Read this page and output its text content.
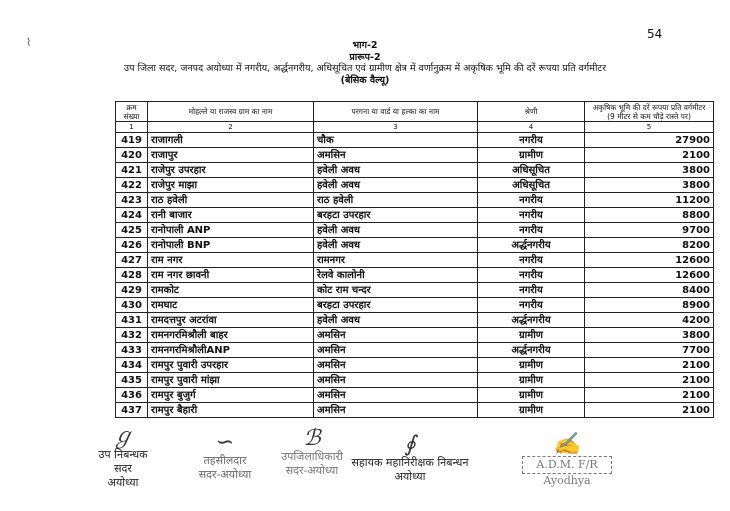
54
⌇	भाग-2
प्रारूप-2
उप जिला सदर, जनपद अयोध्या में नगरीय, अर्द्धनगरीय, अधिसूचित एवं ग्रामीण क्षेत्र में वर्णानुक्रम में अकृषिक भूमि की दरें रूपया प्रति वर्गमीटर
(बेसिक वैल्यू)
क्रम संख्या	मोहल्ले या राजस्व ग्राम का नाम	परगना या वार्ड या हल्का का नाम	श्रेणी	अकृषिक भूमि की दरें रूपया प्रति वर्गमीटर (9 मीटर से कम चौड़े रास्ते पर)
1	2	3	4	5
419	राजागली	चौक	नगरीय	27900
420	राजापुर	अमसिन	ग्रामीण	2100
421	राजेपुर उपरहार	हवेली अवध	अधिसूचित	3800
422	राजेपुर माझा	हवेली अवध	अधिसूचित	3800
423	राठ हवेली	राठ हवेली	नगरीय	11200
424	रानी बाजार	बरहटा उपरहार	नगरीय	8800
425	रानोपाली ANP	हवेली अवध	नगरीय	9700
426	रानोपाली BNP	हवेली अवध	अर्द्धनगरीय	8200
427	राम नगर	रामनगर	नगरीय	12600
428	राम नगर छावनी	रेलवे कालोनी	नगरीय	12600
429	रामकोट	कोट राम चन्दर	नगरीय	8400
430	रामघाट	बरहटा उपरहार	नगरीय	8900
431	रामदत्तपुर अटरांवा	हवेली अवध	अर्द्धनगरीय	4200
432	रामनगरमिश्रौली बाहर	अमसिन	ग्रामीण	3800
433	रामनगरमिश्रौलीANP	अमसिन	अर्द्धनगरीय	7700
434	रामपुर पुवारी उपरहार	अमसिन	ग्रामीण	2100
435	रामपुर पुवारी मांझा	अमसिन	ग्रामीण	2100
436	रामपुर बुजुर्ग	अमसिन	ग्रामीण	2100
437	रामपुर बैहारी	अमसिन	ग्रामीण	2100
ℊ
उप निबन्धक
सदर
अयोध्या
∽
तहसीलदार
सदर-अयोध्या
ℬ
उपजिलाधिकारी
सदर-अयोध्या
∮
सहायक महानिरीक्षक निबन्धन
अयोध्या
✍
A.D.M. F/R
Ayodhya
